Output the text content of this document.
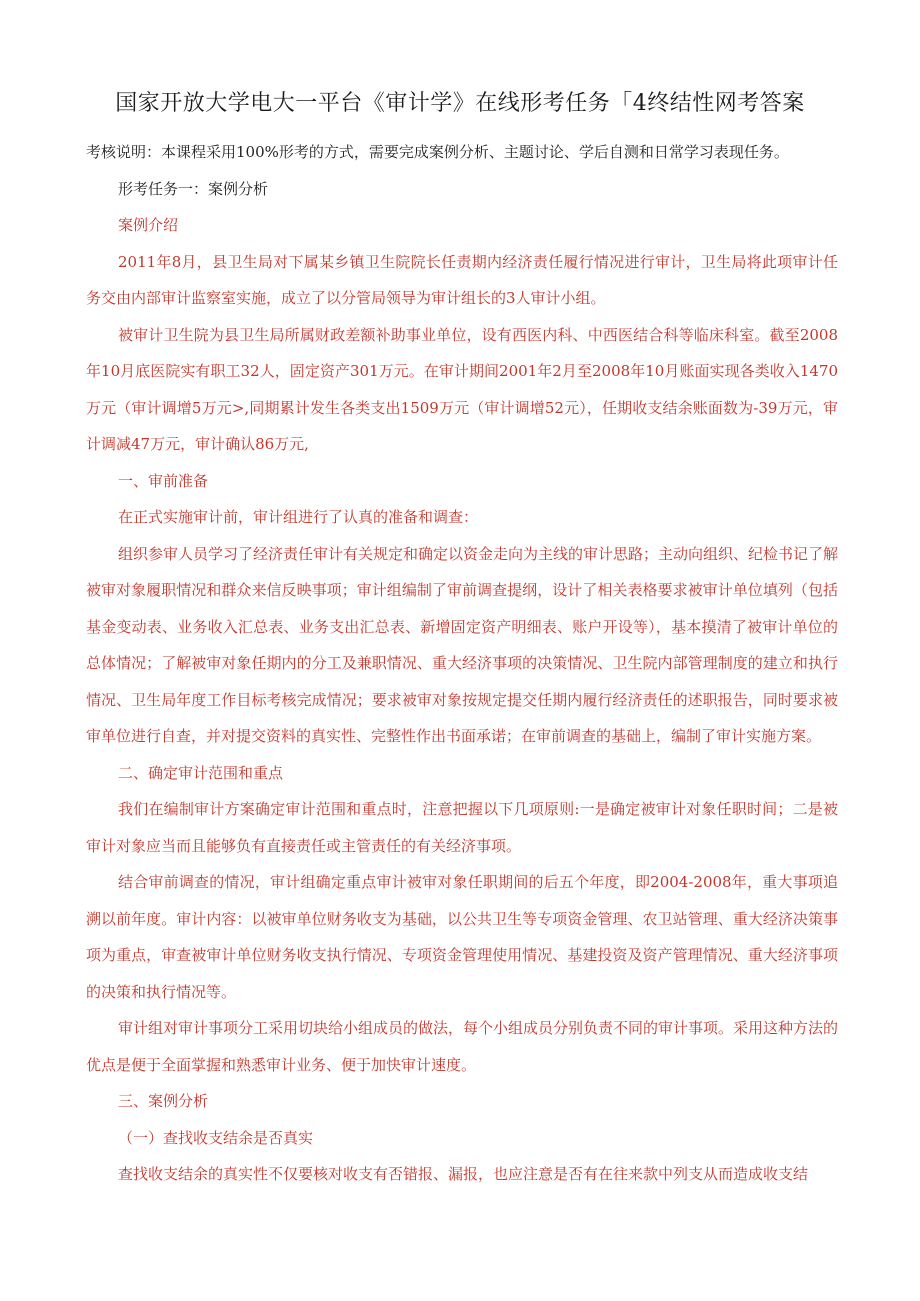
国家开放大学电大一平台《审计学》在线形考任务「4终结性网考答案

考核说明：本课程采用100%形考的方式，需要完成案例分析、主题讨论、学后自测和日常学习表现任务。

形考任务一：案例分析

案例介绍

2011年8月，县卫生局对下属某乡镇卫生院院长任责期内经济责任履行情况进行审计，卫生局将此项审计任务交由内部审计监察室实施，成立了以分管局领导为审计组长的3人审计小组。

被审计卫生院为县卫生局所属财政差额补助事业单位，设有西医内科、中西医结合科等临床科室。截至2008年10月底医院实有职工32人，固定资产301万元。在审计期间2001年2月至2008年10月账面实现各类收入1470万元（审计调增5万元>,同期累计发生各类支出1509万元（审计调增52元），任期收支结余账面数为-39万元，审计调减47万元，审计确认86万元,

一、审前准备

在正式实施审计前，审计组进行了认真的准备和调查：

组织参审人员学习了经济责任审计有关规定和确定以资金走向为主线的审计思路；主动向组织、纪检书记了解被审对象履职情况和群众来信反映事项；审计组编制了审前调查提纲，设计了相关表格要求被审计单位填列（包括基金变动表、业务收入汇总表、业务支出汇总表、新增固定资产明细表、账户开设等），基本摸清了被审计单位的总体情况；了解被审对象任期内的分工及兼职情况、重大经济事项的决策情况、卫生院内部管理制度的建立和执行情况、卫生局年度工作目标考核完成情况；要求被审对象按规定提交任期内履行经济责任的述职报告，同时要求被审单位进行自查，并对提交资料的真实性、完整性作出书面承诺；在审前调查的基础上，编制了审计实施方案。

二、确定审计范围和重点

我们在编制审计方案确定审计范围和重点时，注意把握以下几项原则:一是确定被审计对象任职时间；二是被审计对象应当而且能够负有直接责任或主管责任的有关经济事项。

结合审前调查的情况，审计组确定重点审计被审对象任职期间的后五个年度，即2004-2008年，重大事项追溯以前年度。审计内容：以被审单位财务收支为基础，以公共卫生等专项资金管理、农卫站管理、重大经济决策事项为重点，审查被审计单位财务收支执行情况、专项资金管理使用情况、基建投资及资产管理情况、重大经济事项的决策和执行情况等。

审计组对审计事项分工采用切块给小组成员的做法，每个小组成员分别负责不同的审计事项。采用这种方法的优点是便于全面掌握和熟悉审计业务、便于加快审计速度。

三、案例分析

（一）查找收支结余是否真实

查找收支结余的真实性不仅要核对收支有否错报、漏报，也应注意是否有在往来款中列支从而造成收支结
